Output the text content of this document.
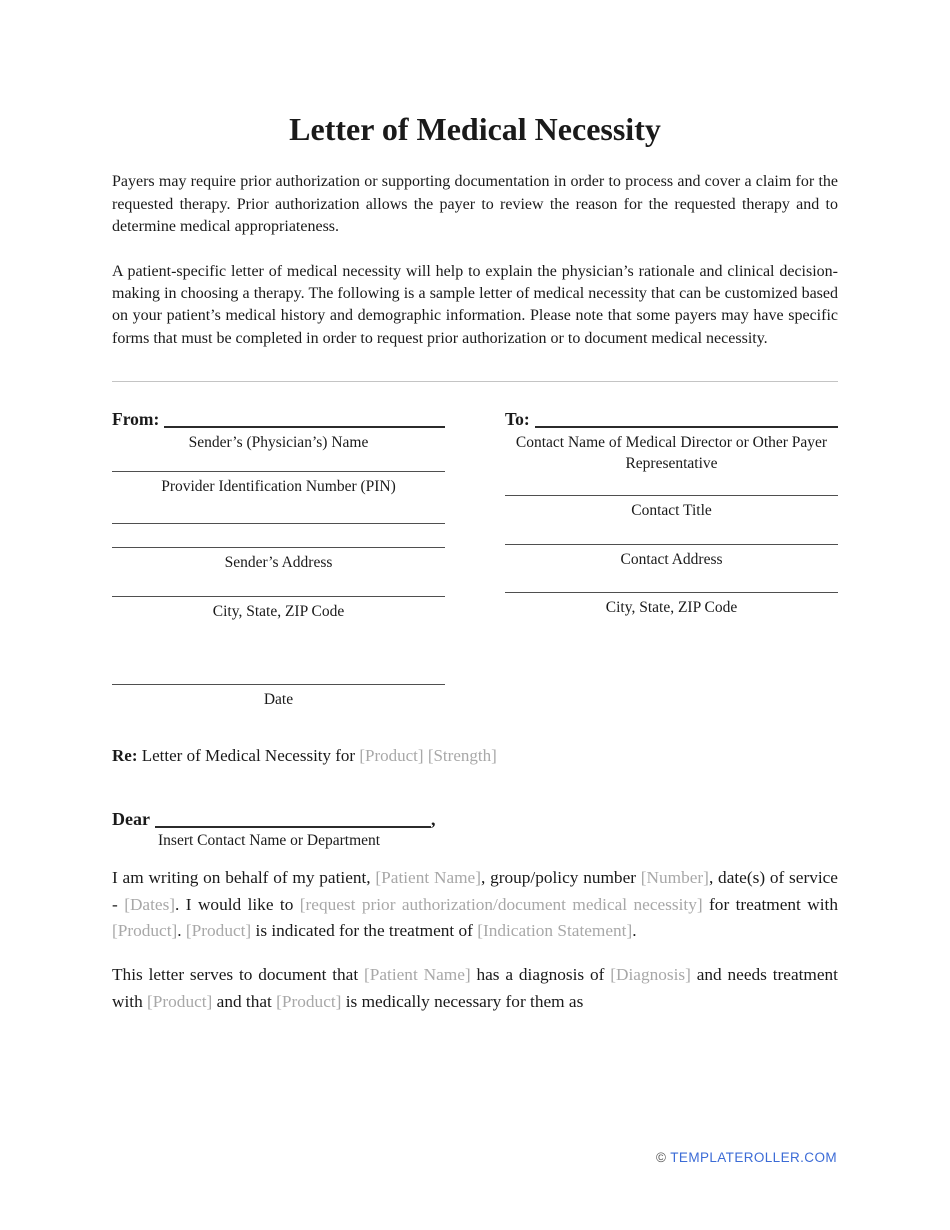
Letter of Medical Necessity

Payers may require prior authorization or supporting documentation in order to process and cover a claim for the requested therapy. Prior authorization allows the payer to review the reason for the requested therapy and to determine medical appropriateness.

A patient-specific letter of medical necessity will help to explain the physician’s rationale and clinical decision-making in choosing a therapy. The following is a sample letter of medical necessity that can be customized based on your patient’s medical history and demographic information. Please note that some payers may have specific forms that must be completed in order to request prior authorization or to document medical necessity.

From:
Sender’s (Physician’s) Name
Provider Identification Number (PIN)
Sender’s Address
City, State, ZIP Code
Date
To:
Contact Name of Medical Director or Other Payer Representative
Contact Title
Contact Address
City, State, ZIP Code

Re: Letter of Medical Necessity for [Product] [Strength]

Dear	,
Insert Contact Name or Department

I am writing on behalf of my patient, [Patient Name], group/policy number [Number], date(s) of service - [Dates]. I would like to [request prior authorization/document medical necessity] for treatment with [Product]. [Product] is indicated for the treatment of [Indication Statement].

This letter serves to document that [Patient Name] has a diagnosis of [Diagnosis] and needs treatment with [Product] and that [Product] is medically necessary for them as

© TEMPLATEROLLER.COM
